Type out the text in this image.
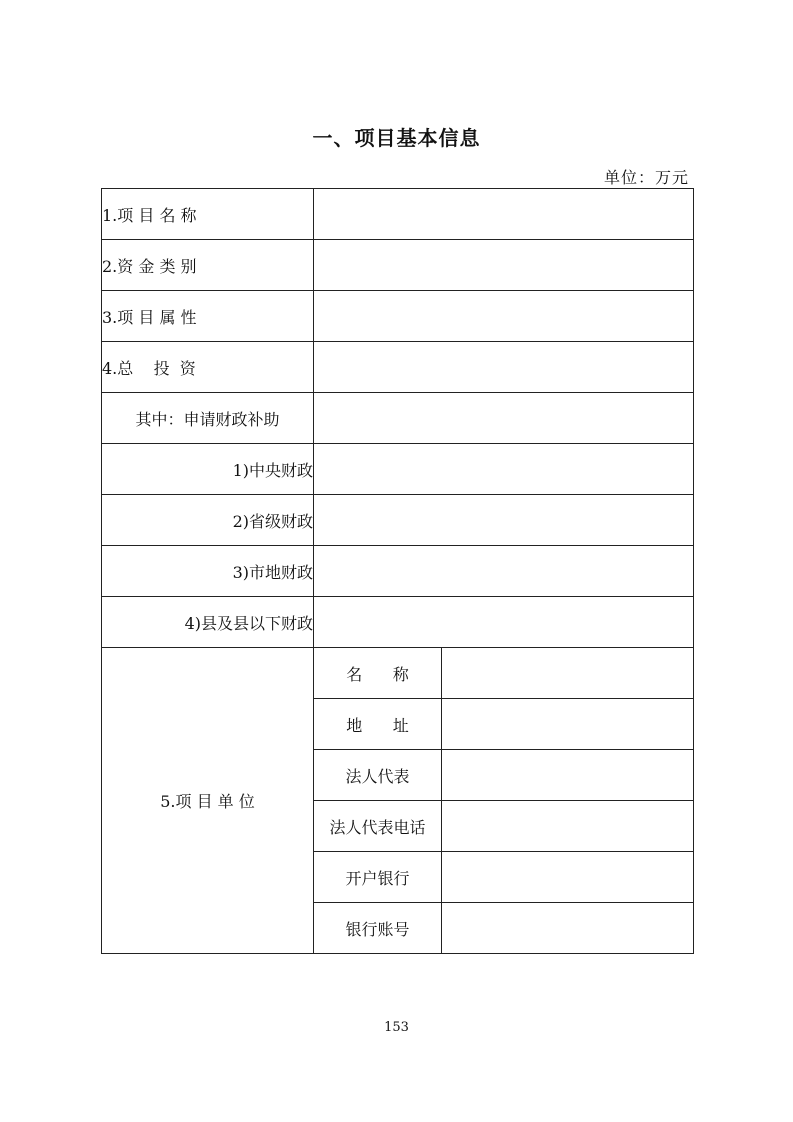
一、项目基本信息
单位：万元
1.项 目 名 称		
2.资 金 类 别		
3.项 目 属 性		
4.总    投  资		
其中：申请财政补助		
1)中央财政		
2)省级财政		
3)市地财政		
4)县及县以下财政		
5.项 目 单 位	名      称	
	地      址	
	法人代表	
	法人代表电话	
	开户银行	
	银行账号	
153
